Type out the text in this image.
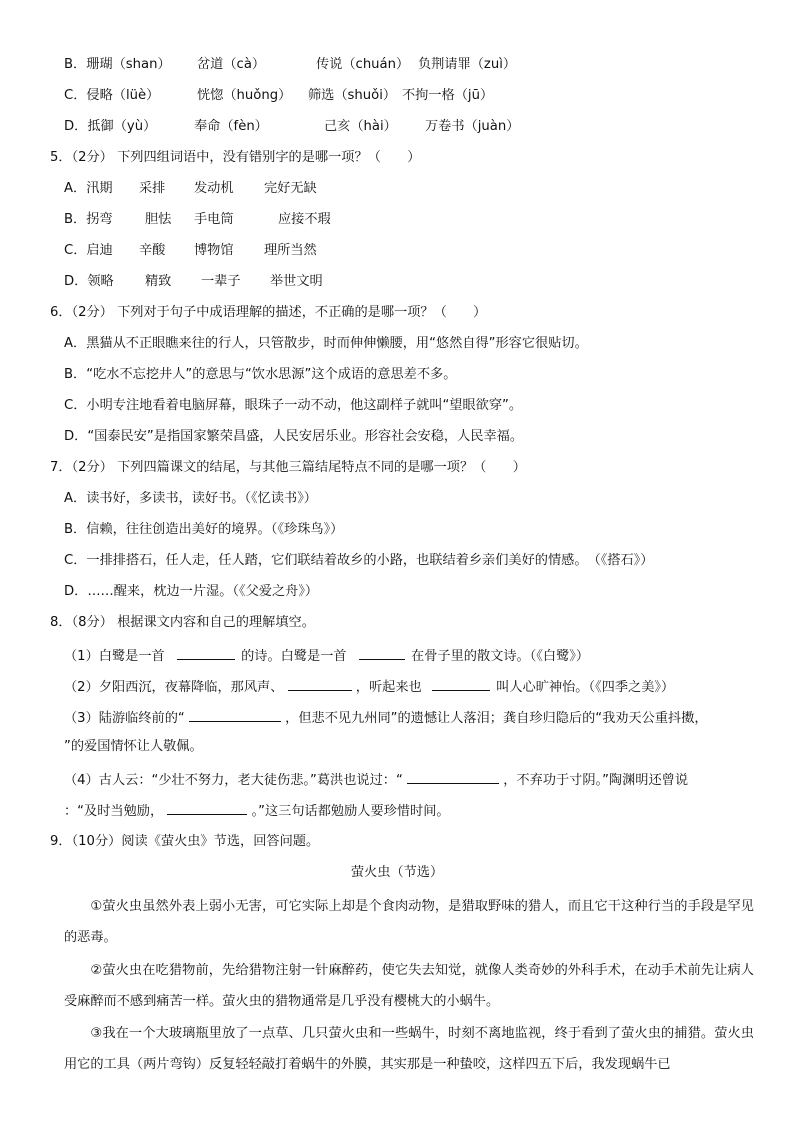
B．珊瑚（shan） 岔道（cà）	传说（chuán） 负荆请罪（zuì）
C．侵略（lüè）	恍惚（huǒng） 筛选（shuǒi） 不拘一格（jū）
D．抵御（yù）	奉命（fèn）	己亥（hài） 万卷书（juàn）
5．（2分） 下列四组词语中，没有错别字的是哪一项？（　　）
A．汛期 采排 发动机 完好无缺
B．拐弯 胆怯 手电筒	应接不瑕
C．启迪 辛酸 博物馆 理所当然
D．领略 精致 一辈子 举世文明
6．（2分） 下列对于句子中成语理解的描述，不正确的是哪一项？（　　）
A．黑猫从不正眼瞧来往的行人，只管散步，时而伸伸懒腰，用“悠然自得”形容它很贴切。
B．“吃水不忘挖井人”的意思与“饮水思源”这个成语的意思差不多。
C．小明专注地看着电脑屏幕，眼珠子一动不动，他这副样子就叫“望眼欲穿”。
D．“国泰民安”是指国家繁荣昌盛，人民安居乐业。形容社会安稳，人民幸福。
7．（2分） 下列四篇课文的结尾，与其他三篇结尾特点不同的是哪一项？（　　）
A．读书好，多读书，读好书。（《忆读书》）
B．信赖，往往创造出美好的境界。（《珍珠鸟》）
C．一排排搭石，任人走，任人踏，它们联结着故乡的小路，也联结着乡亲们美好的情感。　（《搭石》）
D．……醒来，枕边一片湿。（《父爱之舟》）
8．（8分） 根据课文内容和自己的理解填空。
（1）白鹭是一首	的诗。白鹭是一首	在骨子里的散文诗。（《白鹭》）
（2）夕阳西沉，夜幕降临，那风声、	，听起来也	叫人心旷神怡。（《四季之美》）
（3）陆游临终前的“	，但悲不见九州同”的遗憾让人落泪；龚自珍归隐后的“我劝天公重抖擞，
”的爱国情怀让人敬佩。
（4）古人云：“少壮不努力，老大徒伤悲。”葛洪也说过：“	，不弃功于寸阴。”陶渊明还曾说
：“及时当勉励，	。”这三句话都勉励人要珍惜时间。
9．（10分）阅读《萤火虫》节选，回答问题。
萤火虫（节选）
①萤火虫虽然外表上弱小无害，可它实际上却是个食肉动物，是猎取野味的猎人，而且它干这种行当的手段是罕见的恶毒。
②萤火虫在吃猎物前，先给猎物注射一针麻醉药，使它失去知觉，就像人类奇妙的外科手术，在动手术前先让病人受麻醉而不感到痛苦一样。萤火虫的猎物通常是几乎没有樱桃大的小蜗牛。
③我在一个大玻璃瓶里放了一点草、几只萤火虫和一些蜗牛，时刻不离地监视，终于看到了萤火虫的捕猎。萤火虫用它的工具（两片弯钩）反复轻轻敲打着蜗牛的外膜，其实那是一种蛰咬，这样四五下后，我发现蜗牛已
